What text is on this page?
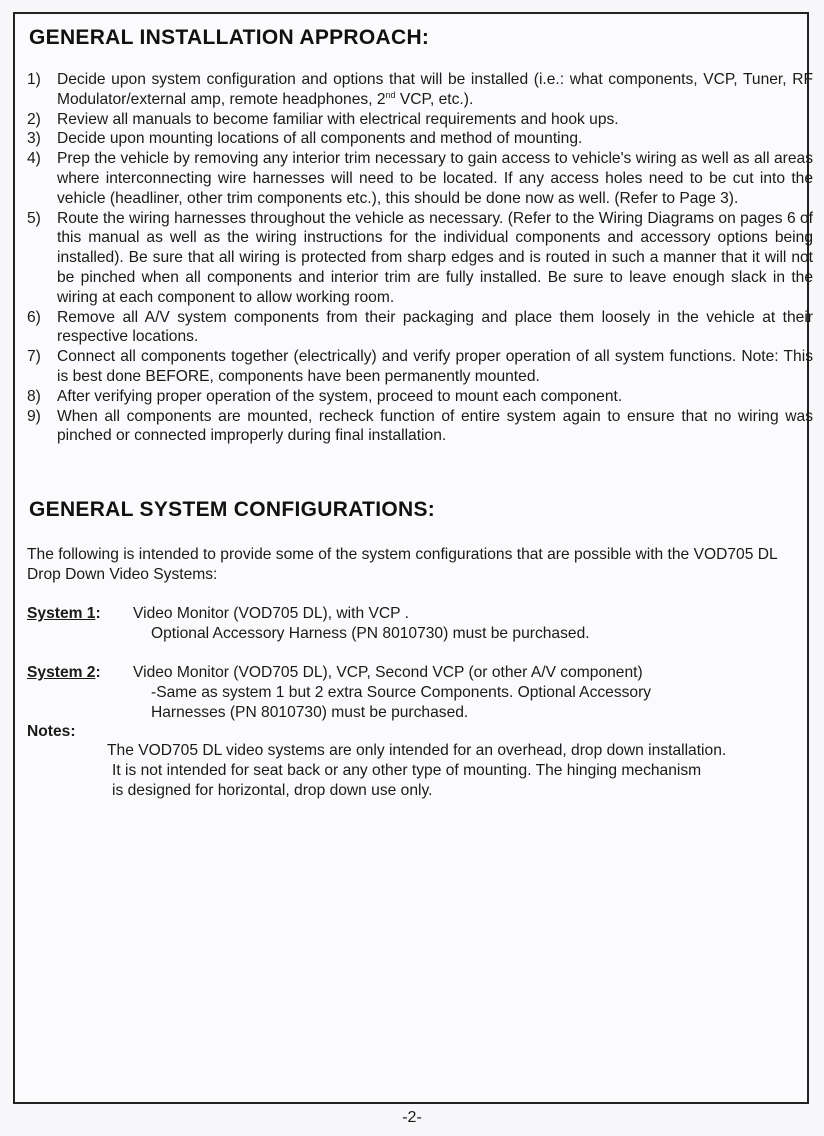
GENERAL INSTALLATION APPROACH:
1)	Decide upon system configuration and options that will be installed (i.e.: what components, VCP, Tuner, RF Modulator/external amp, remote headphones, 2nd VCP, etc.).
2)	Review all manuals to become familiar with electrical requirements and hook ups.
3)	Decide upon mounting locations of all components and method of mounting.
4)	Prep the vehicle by removing any interior trim necessary to gain access to vehicle's wiring as well as all areas where interconnecting wire harnesses will need to be located. If any access holes need to be cut into the vehicle (headliner, other trim components etc.), this should be done now as well. (Refer to Page 3).
5)	Route the wiring harnesses throughout the vehicle as necessary. (Refer to the Wiring Diagrams on pages 6 of this manual as well as the wiring instructions for the individual components and accessory options being installed). Be sure that all wiring is protected from sharp edges and is routed in such a manner that it will not be pinched when all components and interior trim are fully installed. Be sure to leave enough slack in the wiring at each component to allow working room.
6)	Remove all A/V system components from their packaging and place them loosely in the vehicle at their respective locations.
7)	Connect all components together (electrically) and verify proper operation of all system functions. Note: This is best done BEFORE, components have been permanently mounted.
8)	After verifying proper operation of the system, proceed to mount each component.
9)	When all components are mounted, recheck function of entire system again to ensure that no wiring was pinched or connected improperly during final installation.
GENERAL SYSTEM CONFIGURATIONS:

The following is intended to provide some of the system configurations that are possible with the VOD705 DL Drop Down Video Systems:

System 1:	Video Monitor (VOD705 DL), with VCP .
Optional Accessory Harness (PN 8010730) must be purchased.
System 2:	Video Monitor (VOD705 DL), VCP, Second VCP (or other A/V component)
-Same as system 1 but 2 extra Source Components. Optional Accessory
Harnesses (PN 8010730) must be purchased.
Notes:
The VOD705 DL video systems are only intended for an overhead, drop down installation.
It is not intended for seat back or any other type of mounting. The hinging mechanism
is designed for horizontal, drop down use only.
-2-
